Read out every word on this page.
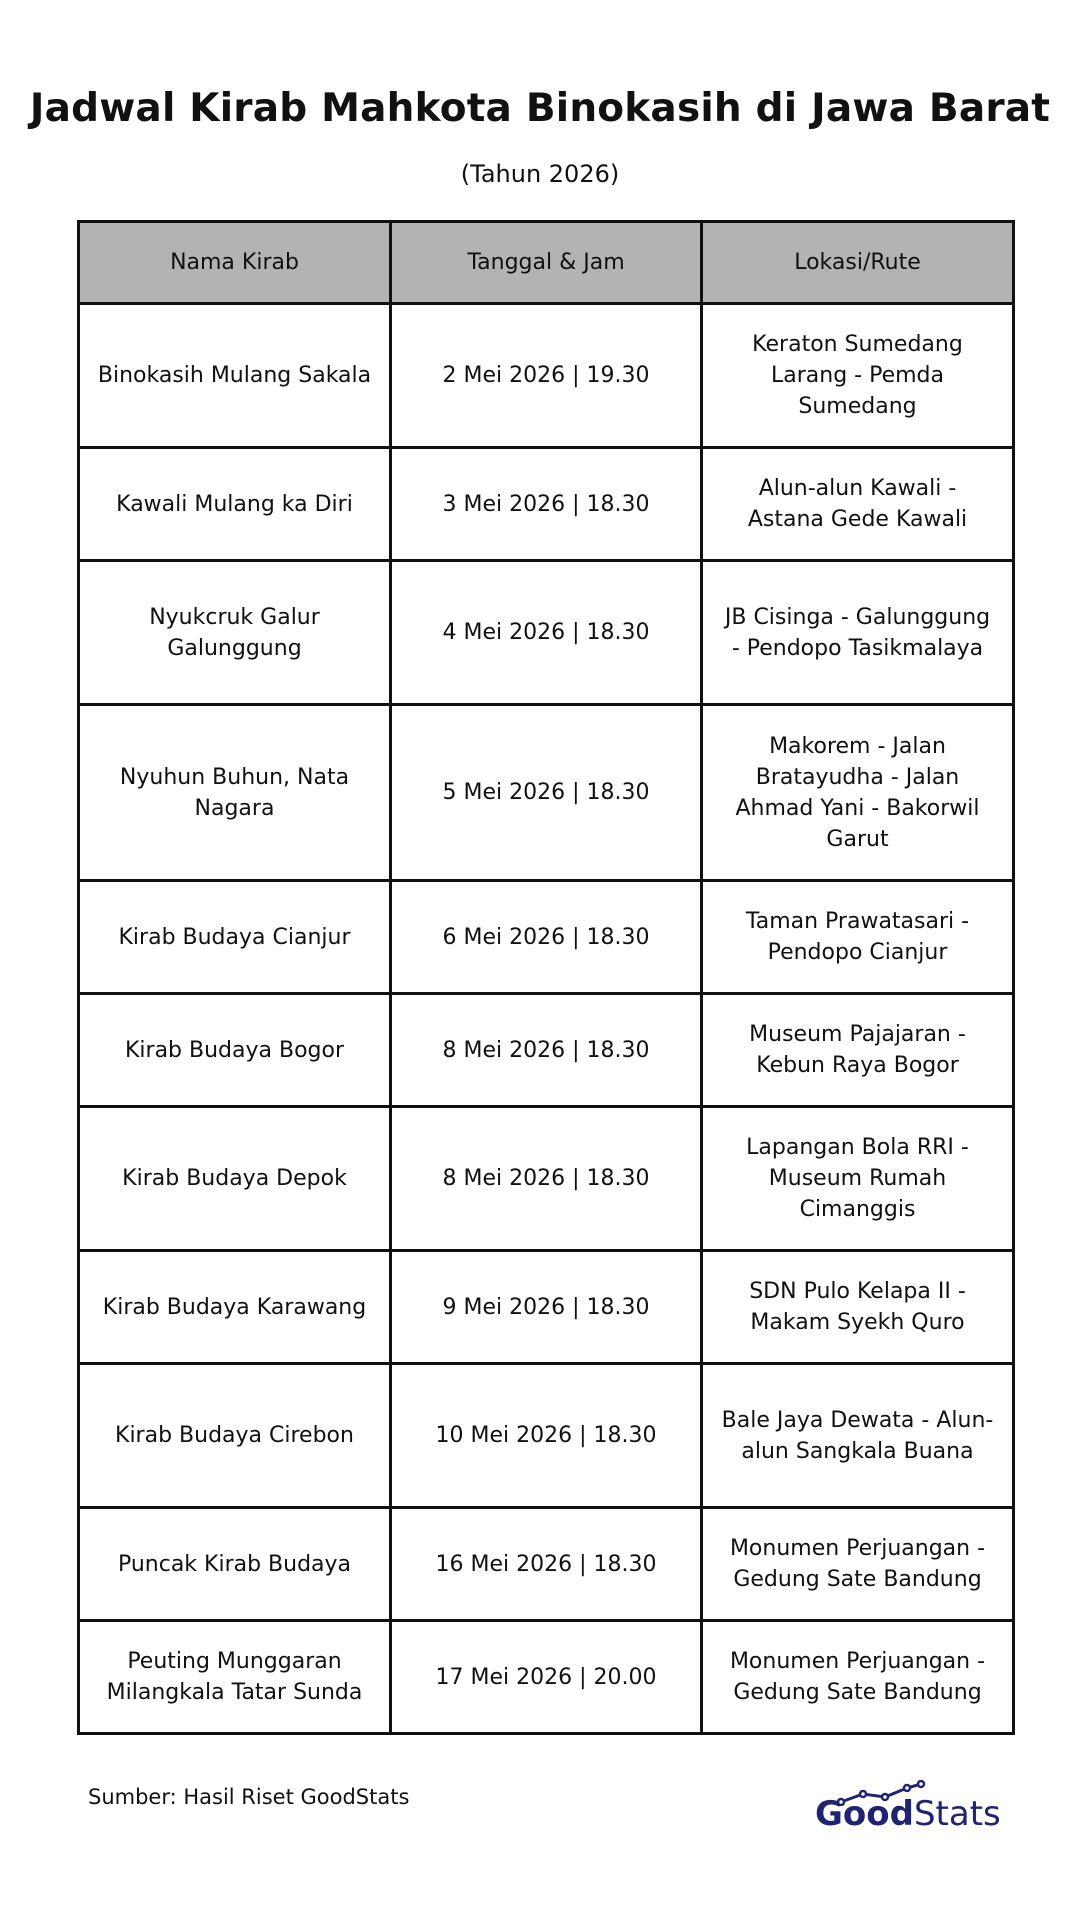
Jadwal Kirab Mahkota Binokasih di Jawa Barat
(Tahun 2026)
Nama Kirab	Tanggal & Jam	Lokasi/Rute
Binokasih Mulang Sakala	2 Mei 2026 | 19.30	Keraton Sumedang Larang - Pemda Sumedang
Kawali Mulang ka Diri	3 Mei 2026 | 18.30	Alun-alun Kawali - Astana Gede Kawali
Nyukcruk Galur Galunggung	4 Mei 2026 | 18.30	JB Cisinga - Galunggung - Pendopo Tasikmalaya
Nyuhun Buhun, Nata Nagara	5 Mei 2026 | 18.30	Makorem - Jalan Bratayudha - Jalan Ahmad Yani - Bakorwil Garut
Kirab Budaya Cianjur	6 Mei 2026 | 18.30	Taman Prawatasari - Pendopo Cianjur
Kirab Budaya Bogor	8 Mei 2026 | 18.30	Museum Pajajaran - Kebun Raya Bogor
Kirab Budaya Depok	8 Mei 2026 | 18.30	Lapangan Bola RRI - Museum Rumah Cimanggis
Kirab Budaya Karawang	9 Mei 2026 | 18.30	SDN Pulo Kelapa II - Makam Syekh Quro
Kirab Budaya Cirebon	10 Mei 2026 | 18.30	Bale Jaya Dewata - Alun-alun Sangkala Buana
Puncak Kirab Budaya	16 Mei 2026 | 18.30	Monumen Perjuangan - Gedung Sate Bandung
Peuting Munggaran Milangkala Tatar Sunda	17 Mei 2026 | 20.00	Monumen Perjuangan - Gedung Sate Bandung
Sumber: Hasil Riset GoodStats	GoodStats
